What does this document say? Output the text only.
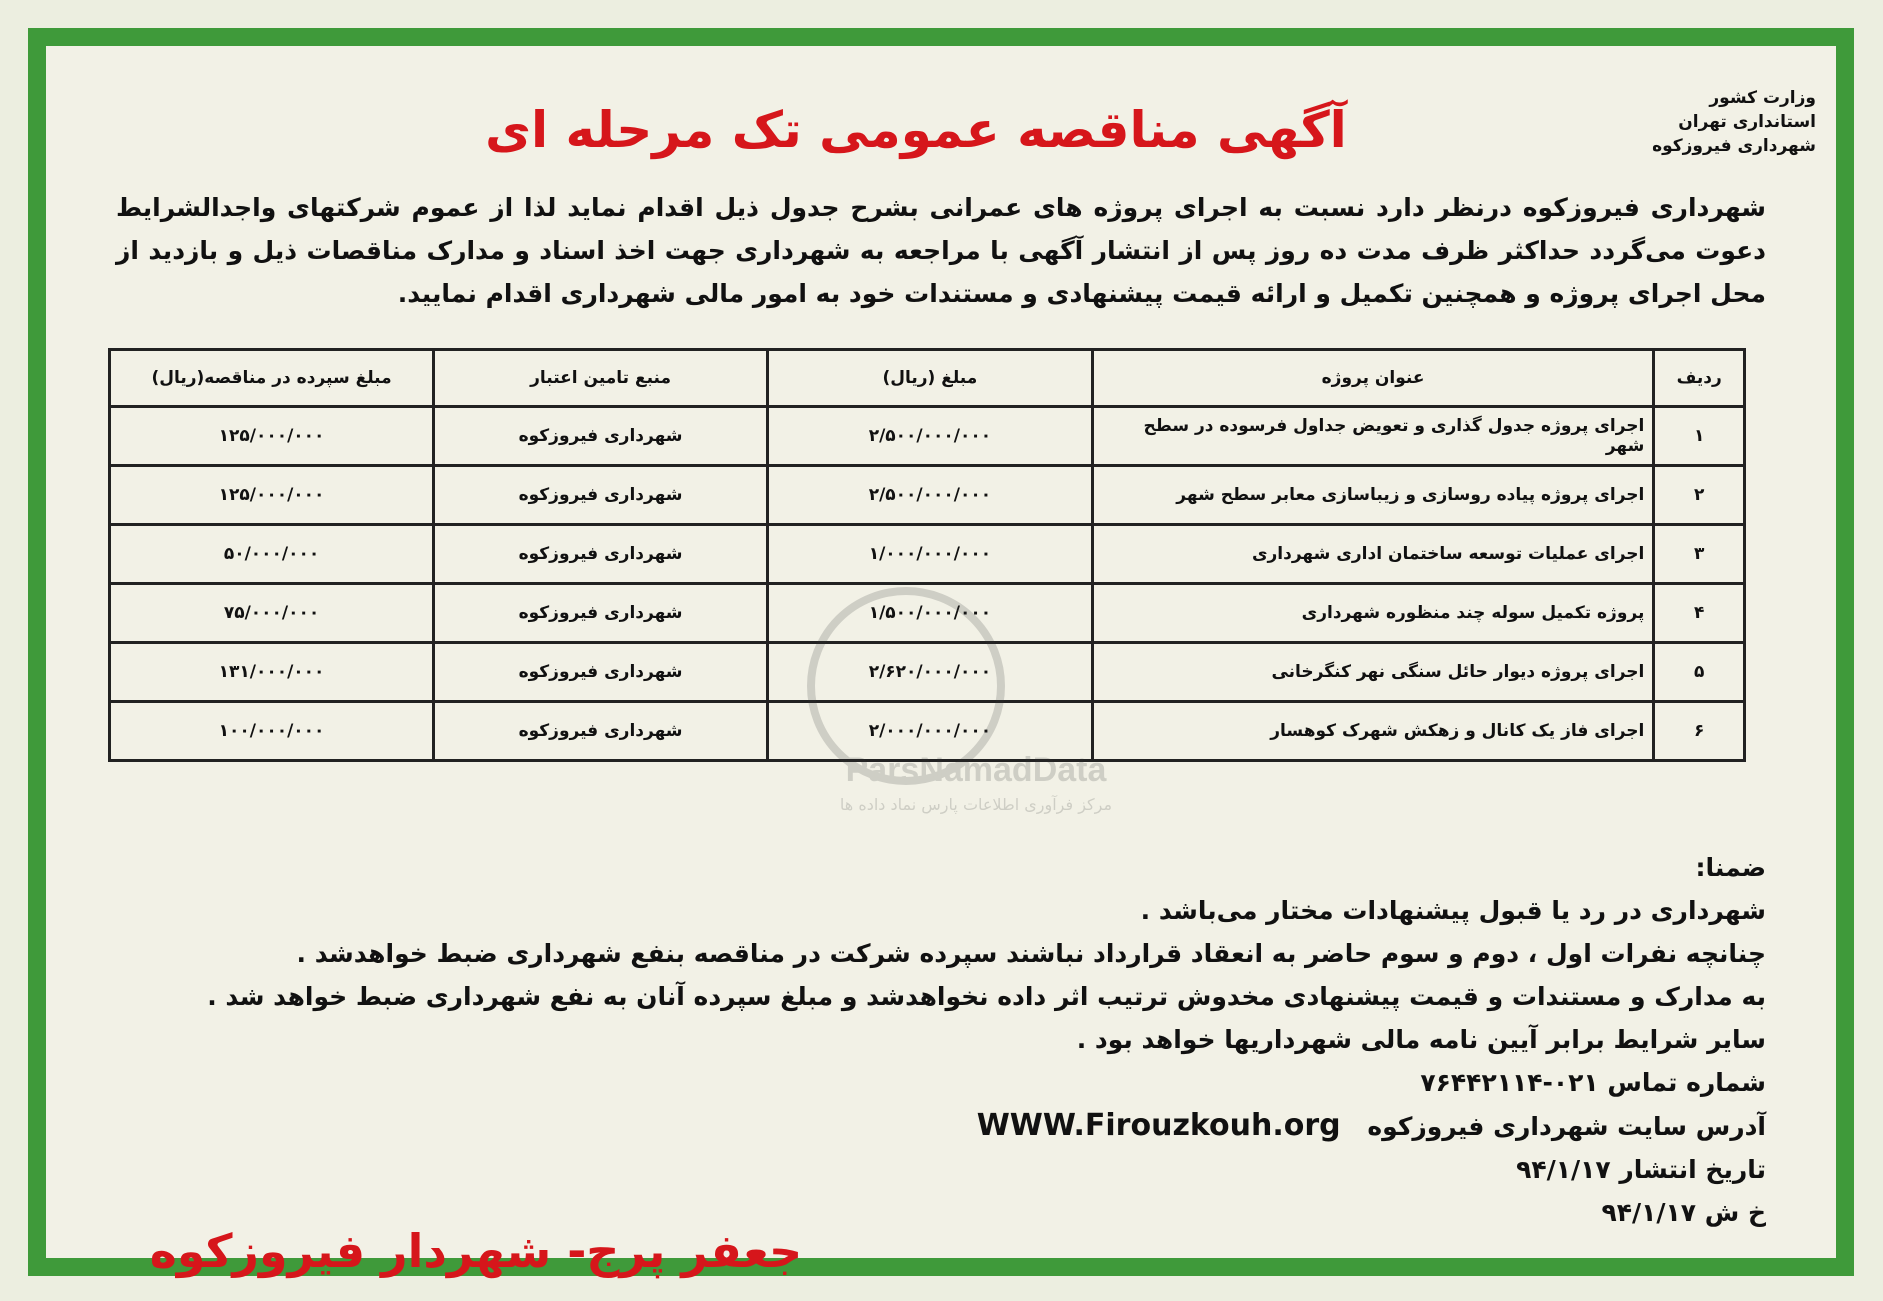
وزارت کشور
استانداری تهران
شهرداری فیروزکوه
آگهی مناقصه عمومی تک مرحله ای
شهرداری فیروزکوه درنظر دارد نسبت به اجرای پروژه های عمرانی بشرح جدول ذیل اقدام نماید لذا از عموم شرکتهای واجدالشرایط دعوت می‌گردد حداکثر ظرف مدت ده روز پس از انتشار آگهی با مراجعه به شهرداری جهت اخذ اسناد و مدارک مناقصات ذیل و بازدید از محل اجرای پروژه و همچنین تکمیل و ارائه قیمت پیشنهادی و مستندات خود به امور مالی شهرداری اقدام نمایید.
ردیف	عنوان پروژه	مبلغ (ریال)	منبع تامین اعتبار	مبلغ سپرده در مناقصه(ریال)
۱	اجرای پروژه جدول گذاری و تعویض جداول فرسوده در سطح شهر	۲/۵۰۰/۰۰۰/۰۰۰	شهرداری فیروزکوه	۱۲۵/۰۰۰/۰۰۰
۲	اجرای پروژه پیاده روسازی و زیباسازی معابر سطح شهر	۲/۵۰۰/۰۰۰/۰۰۰	شهرداری فیروزکوه	۱۲۵/۰۰۰/۰۰۰
۳	اجرای عملیات توسعه ساختمان اداری شهرداری	۱/۰۰۰/۰۰۰/۰۰۰	شهرداری فیروزکوه	۵۰/۰۰۰/۰۰۰
۴	پروژه تکمیل سوله چند منظوره شهرداری	۱/۵۰۰/۰۰۰/۰۰۰	شهرداری فیروزکوه	۷۵/۰۰۰/۰۰۰
۵	اجرای پروژه دیوار حائل سنگی نهر کنگرخانی	۲/۶۲۰/۰۰۰/۰۰۰	شهرداری فیروزکوه	۱۳۱/۰۰۰/۰۰۰
۶	اجرای فاز یک کانال و زهکش شهرک کوهسار	۲/۰۰۰/۰۰۰/۰۰۰	شهرداری فیروزکوه	۱۰۰/۰۰۰/۰۰۰
ParsNamadData
مرکز فرآوری اطلاعات پارس نماد داده ها
ضمنا:
شهرداری در رد یا قبول پیشنهادات مختار می‌باشد .
چنانچه نفرات اول ، دوم و سوم حاضر به انعقاد قرارداد نباشند سپرده شرکت در مناقصه بنفع شهرداری ضبط خواهدشد .
به مدارک و مستندات و قیمت پیشنهادی مخدوش ترتیب اثر داده نخواهدشد و مبلغ سپرده آنان به نفع شهرداری ضبط خواهد شد .
سایر شرایط برابر آیین نامه مالی شهرداریها خواهد بود .
شماره تماس ۰۲۱-۷۶۴۴۲۱۱۴
آدرس سایت شهرداری فیروزکوه WWW.Firouzkouh.org
تاریخ انتشار ۹۴/۱/۱۷
خ ش ۹۴/۱/۱۷
جعفر پرج- شهردار فیروزکوه
